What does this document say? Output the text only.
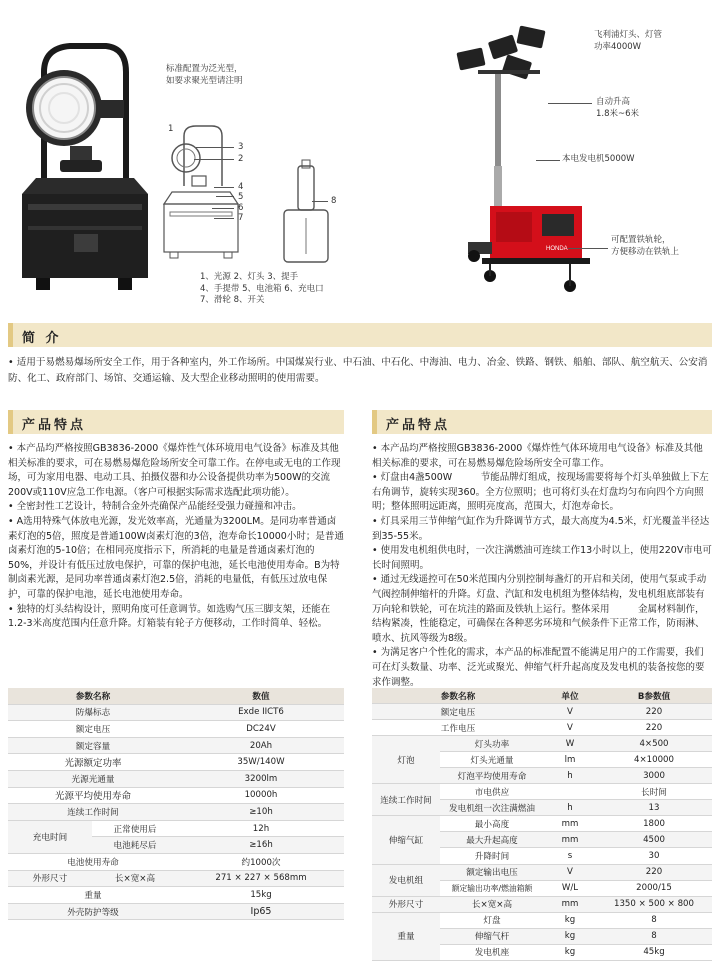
标准配置为泛光型，
如要求聚光型请注明
3
2
4
5
6
7
8
1
1、光源 2、灯头 3、提手
4、手提带 5、电池箱 6、充电口
7、滑轮 8、开关
HONDA
飞利浦灯头、灯管
功率4000W
自动升高
1.8米~6米
本电发电机5000W
可配置铁轨轮，
方便移动在铁轨上
简 介
• 适用于易燃易爆场所安全工作，用于各种室内，外工作场所。中国煤炭行业、中石油、中石化、中海油、电力、冶金、铁路、钢铁、船舶、部队、航空航天、公安消防、化工、政府部门、场馆、交通运输、及大型企业移动照明的使用需要。
产品特点

• 本产品均严格按照GB3836-2000《爆炸性气体环境用电气设备》标准及其他相关标准的要求，可在易燃易爆危险场所安全可靠工作。在停电或无电的工作现场，可为家用电器、电动工具、拍摄仪器和办公设备提供功率为500W的交流200V或110V应急工作电源。（客户可根据实际需求选配此项功能）。

• 全密封性工艺设计，特制合金外壳确保产品能经受强力碰撞和冲击。

• A选用特殊气体放电光源，发光效率高，光通量为3200LM。是同功率普通卤素灯泡的5倍，照度是普通100W卤素灯泡的3倍，泡寿命长10000小时；是普通卤素灯泡的5-10倍；在相同亮度指示下，所消耗的电量是普通卤素灯泡的50%，并设计有低压过放电保护，可靠的保护电池，延长电池使用寿命。B为特制卤素光源，是同功率普通卤素灯泡2.5倍，消耗的电量低，有低压过放电保护，可靠的保护电池，延长电池使用寿命。

• 独特的灯头结构设计，照明角度可任意调节。如选购气压三脚支架，还能在1.2-3米高度范围内任意升降。灯箱装有轮子方便移动，工作时简单、轻松。

产品特点

• 本产品均严格按照GB3836-2000《爆炸性气体环境用电气设备》标准及其他相关标准的要求，可在易燃易爆危险场所安全可靠工作。

• 灯盘由4盏500W　　　节能品牌灯组成，按现场需要将每个灯头单独做上下左右角调节，旋转实现360。全方位照明；也可将灯头在灯盘均匀布向四个方向照明；整体照明远距离，照明亮度高，范围大，灯泡寿命长。

• 灯具采用三节伸缩气缸作为升降调节方式，最大高度为4.5米，灯光覆盖半径达到35-55米。

• 使用发电机组供电时，一次注满燃油可连续工作13小时以上，使用220V市电可长时间照明。

• 通过无线遥控可在50米范围内分别控制每盏灯的开启和关闭，使用气泵或手动气阀控制伸缩杆的升降。灯盘、汽缸和发电机组为整体结构，发电机组底部装有万向轮和铁轮，可在坑洼的路面及铁轨上运行。整体采用　　　金属材料制作，结构紧凑，性能稳定，可确保在各种恶劣环境和气候条件下正常工作，防雨淋、喷水、抗风等级为8级。

• 为满足客户个性化的需求，本产品的标准配置不能满足用户的工作需要，我们可在灯头数量、功率、泛光或聚光、伸缩气杆升起高度及发电机的装备按您的要求作调整。

参数名称		数值
防爆标志		Exde IICT6
额定电压		DC24V
额定容量		20Ah
光源额定功率		35W/140W
光源光通量		3200lm
光源平均使用寿命		10000h
连续工作时间		≥10h
充电时间	正常使用后	12h
	电池耗尽后	≥16h
电池使用寿命		约1000次
外形尺寸	长×宽×高	271 × 227 × 568mm
重量		15kg
外壳防护等级		Ip65
参数名称		单位	B参数值
额定电压		V	220
工作电压		V	220
灯泡	灯头功率	W	4×500
	灯头光通量	lm	4×10000
	灯泡平均使用寿命	h	3000
连续工作时间	市电供应		长时间
	发电机组一次注满燃油	h	13
伸缩气缸	最小高度	mm	1800
	最大升起高度	mm	4500
	升降时间	s	30
发电机组	额定输出电压	V	220
	额定输出功率/燃油箱额	W/L	2000/15
外形尺寸	长×宽×高	mm	1350 × 500 × 800
重量	灯盘	kg	8
	伸缩气杆	kg	8
	发电机座	kg	45kg
